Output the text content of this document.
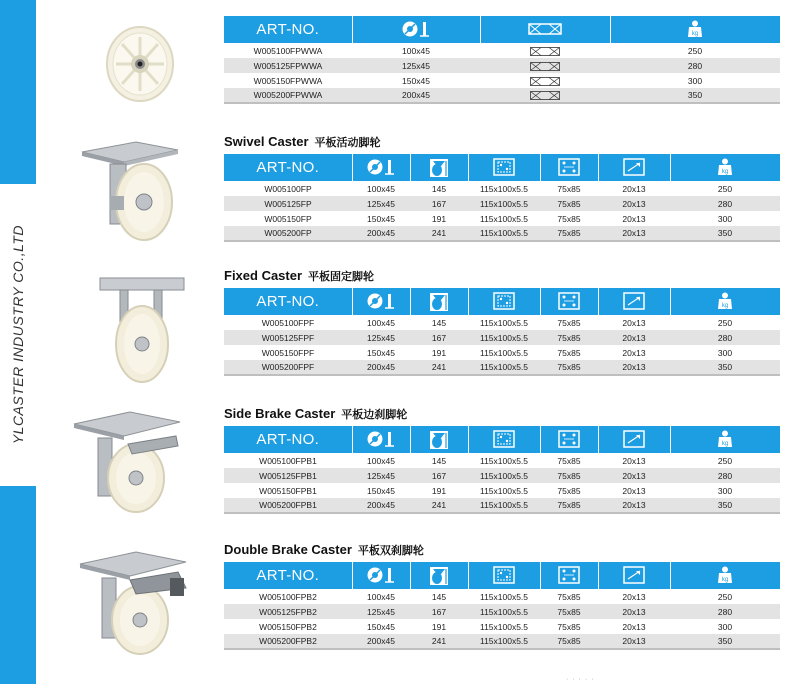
YLCASTER INDUSTRY CO.,LTD
ART-NO.			kg

W005100FPWWA	100x45		250
W005125FPWWA	125x45		280
W005150FPWWA	150x45		300
W005200FPWWA	200x45		350
Swivel Caster 平板活动脚轮
ART-NO.						kg

W005100FP	100x45	145	115x100x5.5	75x85	20x13	250
W005125FP	125x45	167	115x100x5.5	75x85	20x13	280
W005150FP	150x45	191	115x100x5.5	75x85	20x13	300
W005200FP	200x45	241	115x100x5.5	75x85	20x13	350
Fixed Caster 平板固定脚轮
ART-NO.						kg

W005100FPF	100x45	145	115x100x5.5	75x85	20x13	250
W005125FPF	125x45	167	115x100x5.5	75x85	20x13	280
W005150FPF	150x45	191	115x100x5.5	75x85	20x13	300
W005200FPF	200x45	241	115x100x5.5	75x85	20x13	350
Side Brake Caster 平板边刹脚轮
ART-NO.						kg

W005100FPB1	100x45	145	115x100x5.5	75x85	20x13	250
W005125FPB1	125x45	167	115x100x5.5	75x85	20x13	280
W005150FPB1	150x45	191	115x100x5.5	75x85	20x13	300
W005200FPB1	200x45	241	115x100x5.5	75x85	20x13	350
Double Brake Caster 平板双刹脚轮
ART-NO.						kg

W005100FPB2	100x45	145	115x100x5.5	75x85	20x13	250
W005125FPB2	125x45	167	115x100x5.5	75x85	20x13	280
W005150FPB2	150x45	191	115x100x5.5	75x85	20x13	300
W005200FPB2	200x45	241	115x100x5.5	75x85	20x13	350
· · · · ·
